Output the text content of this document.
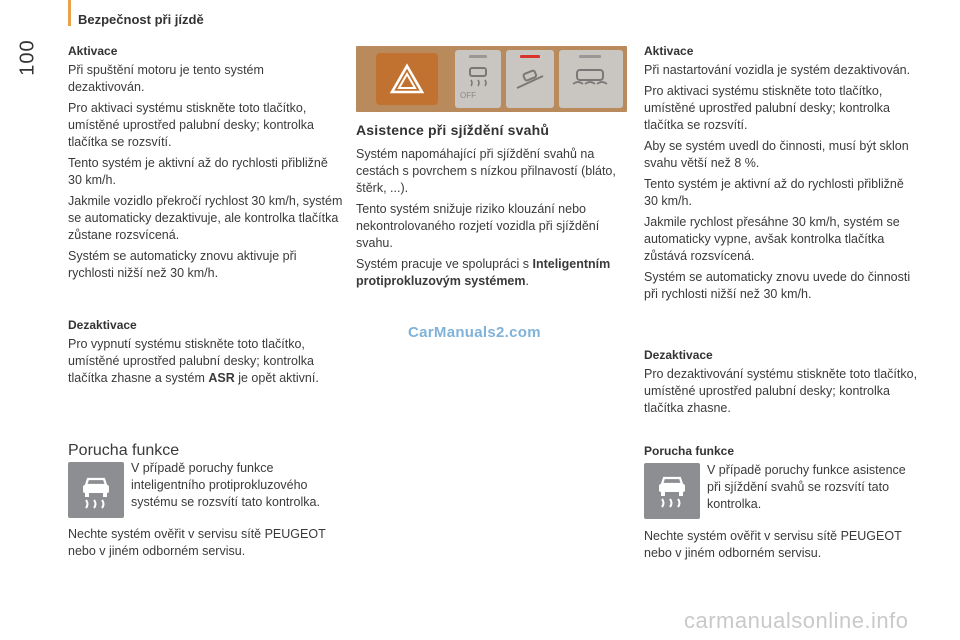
100
Bezpečnost při jízdě
Aktivace

Při spuštění motoru je tento systém dezaktivován.

Pro aktivaci systému stiskněte toto tlačítko, umístěné uprostřed palubní desky; kontrolka tlačítka se rozsvítí.

Tento systém je aktivní až do rychlosti přibližně 30 km/h.

Jakmile vozidlo překročí rychlost 30 km/h, systém se automaticky dezaktivuje, ale kontrolka tlačítka zůstane rozsvícená.

Systém se automaticky znovu aktivuje při rychlosti nižší než 30 km/h.

Dezaktivace

Pro vypnutí systému stiskněte toto tlačítko, umístěné uprostřed palubní desky; kontrolka tlačítka zhasne a systém ASR je opět aktivní.

Porucha funkce

V případě poruchy funkce inteligentního protiprokluzového systému se rozsvítí tato kontrolka.

Nechte systém ověřit v servisu sítě PEUGEOT nebo v jiném odborném servisu.

OFF
Asistence při sjíždění svahů

Systém napomáhající při sjíždění svahů na cestách s povrchem s nízkou přilnavostí (bláto, štěrk, ...).

Tento systém snižuje riziko klouzání nebo nekontrolovaného rozjetí vozidla při sjíždění svahu.

Systém pracuje ve spolupráci s Inteligentním protiprokluzovým systémem.

CarManuals2.com
Aktivace

Při nastartování vozidla je systém dezaktivován.

Pro aktivaci systému stiskněte toto tlačítko, umístěné uprostřed palubní desky; kontrolka tlačítka se rozsvítí.

Aby se systém uvedl do činnosti, musí být sklon svahu větší než 8 %.

Tento systém je aktivní až do rychlosti přibližně 30 km/h.

Jakmile rychlost přesáhne 30 km/h, systém se automaticky vypne, avšak kontrolka tlačítka zůstává rozsvícená.

Systém se automaticky znovu uvede do činnosti při rychlosti nižší než 30 km/h.

Dezaktivace

Pro dezaktivování systému stiskněte toto tlačítko, umístěné uprostřed palubní desky; kontrolka tlačítka zhasne.

Porucha funkce

V případě poruchy funkce asistence při sjíždění svahů se rozsvítí tato kontrolka.

Nechte systém ověřit v servisu sítě PEUGEOT nebo v jiném odborném servisu.

carmanualsonline.info
